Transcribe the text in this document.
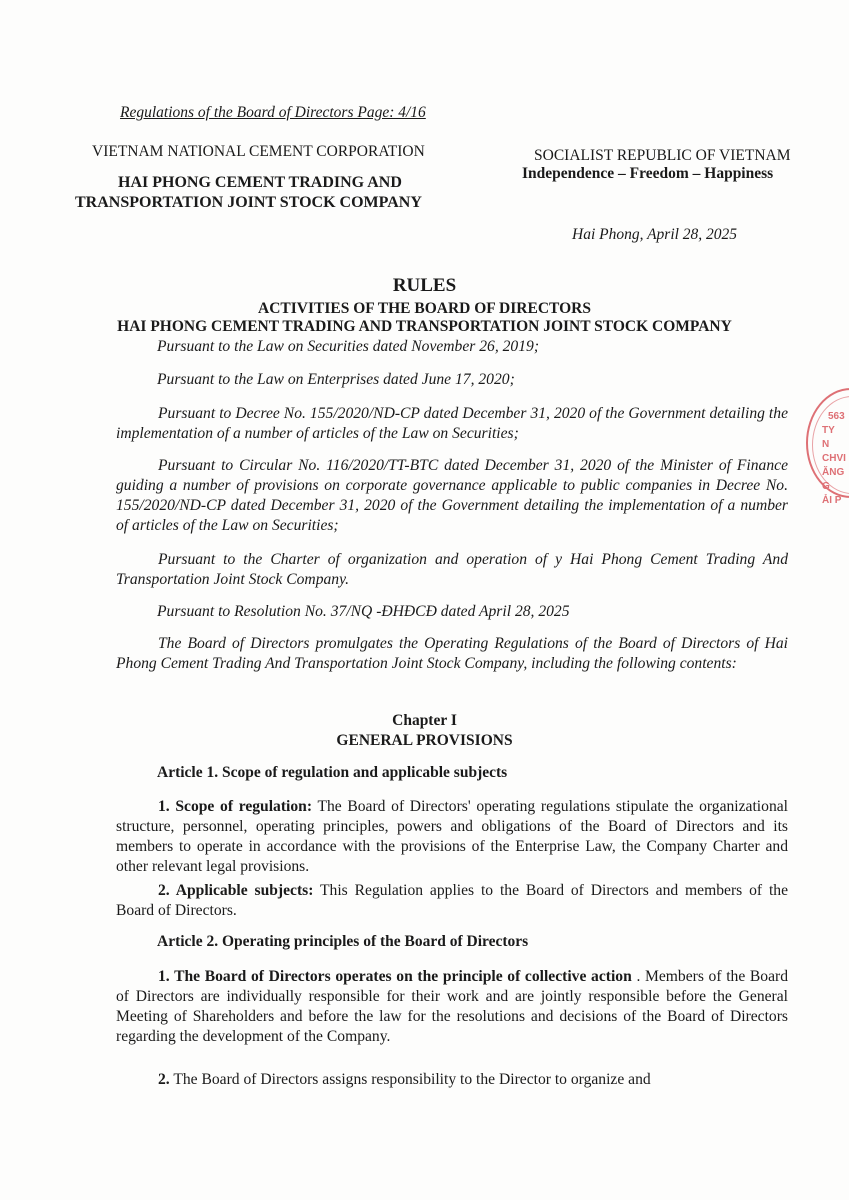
Regulations of the Board of Directors Page: 4/16
VIETNAM NATIONAL CEMENT CORPORATION
HAI PHONG CEMENT TRADING AND
TRANSPORTATION JOINT STOCK COMPANY
SOCIALIST REPUBLIC OF VIETNAM
Independence – Freedom – Happiness
Hai Phong, April 28, 2025
RULES
ACTIVITIES OF THE BOARD OF DIRECTORS
HAI PHONG CEMENT TRADING AND TRANSPORTATION JOINT STOCK COMPANY
Pursuant to the Law on Securities dated November 26, 2019;
Pursuant to the Law on Enterprises dated June 17, 2020;
Pursuant to Decree No. 155/2020/ND-CP dated December 31, 2020 of the Government detailing the implementation of a number of articles of the Law on Securities;
Pursuant to Circular No. 116/2020/TT-BTC dated December 31, 2020 of the Minister of Finance guiding a number of provisions on corporate governance applicable to public companies in Decree No. 155/2020/ND-CP dated December 31, 2020 of the Government detailing the implementation of a number of articles of the Law on Securities;
Pursuant to the Charter of organization and operation of y Hai Phong Cement Trading And Transportation Joint Stock Company.
Pursuant to Resolution No. 37/NQ -ĐHĐCĐ dated April 28, 2025
The Board of Directors promulgates the Operating Regulations of the Board of Directors of Hai Phong Cement Trading And Transportation Joint Stock Company, including the following contents:
Chapter I
GENERAL PROVISIONS
Article 1. Scope of regulation and applicable subjects
1. Scope of regulation: The Board of Directors' operating regulations stipulate the organizational structure, personnel, operating principles, powers and obligations of the Board of Directors and its members to operate in accordance with the provisions of the Enterprise Law, the Company Charter and other relevant legal provisions.
2. Applicable subjects: This Regulation applies to the Board of Directors and members of the Board of Directors.
Article 2. Operating principles of the Board of Directors
1. The Board of Directors operates on the principle of collective action . Members of the Board of Directors are individually responsible for their work and are jointly responsible before the General Meeting of Shareholders and before the law for the resolutions and decisions of the Board of Directors regarding the development of the Company.
2. The Board of Directors assigns responsibility to the Director to organize and
563
TY
N
CHVI
ĂNG
G
ẢI P
